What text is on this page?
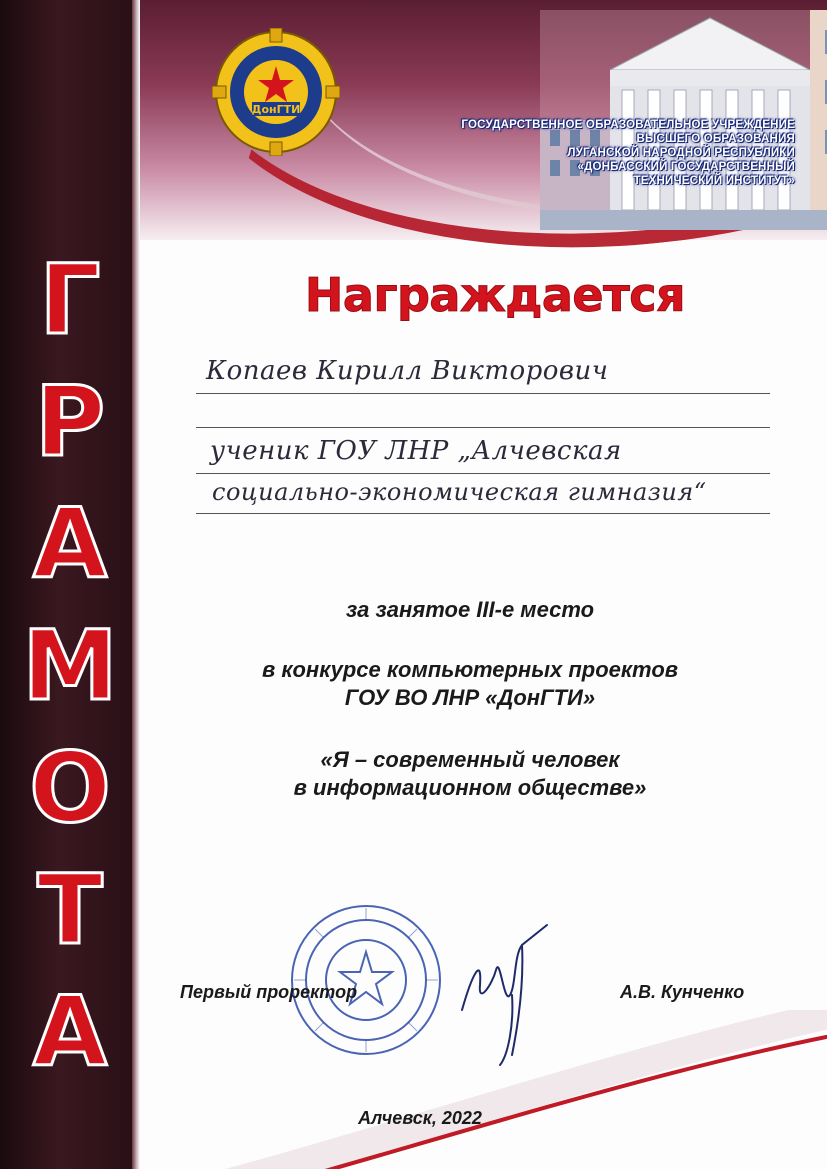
ГОСУДАРСТВЕННОЕ ОБРАЗОВАТЕЛЬНОЕ УЧРЕЖДЕНИЕ
ВЫСШЕГО ОБРАЗОВАНИЯ
ЛУГАНСКОЙ НАРОДНОЙ РЕСПУБЛИКИ
«ДОНБАССКИЙ ГОСУДАРСТВЕННЫЙ
ТЕХНИЧЕСКИЙ ИНСТИТУТ»
ДонГТИ
Г
Р
А
М
О
Т
А
Награждается
Копаев Кирилл Викторович
ученик ГОУ ЛНР „Алчевская
социально-экономическая гимназия“
за занятое III-е место
в конкурсе компьютерных проектов
ГОУ ВО ЛНР «ДонГТИ»
«Я – современный человек
в информационном обществе»
Первый проректор	А.В. Кунченко
Алчевск, 2022
